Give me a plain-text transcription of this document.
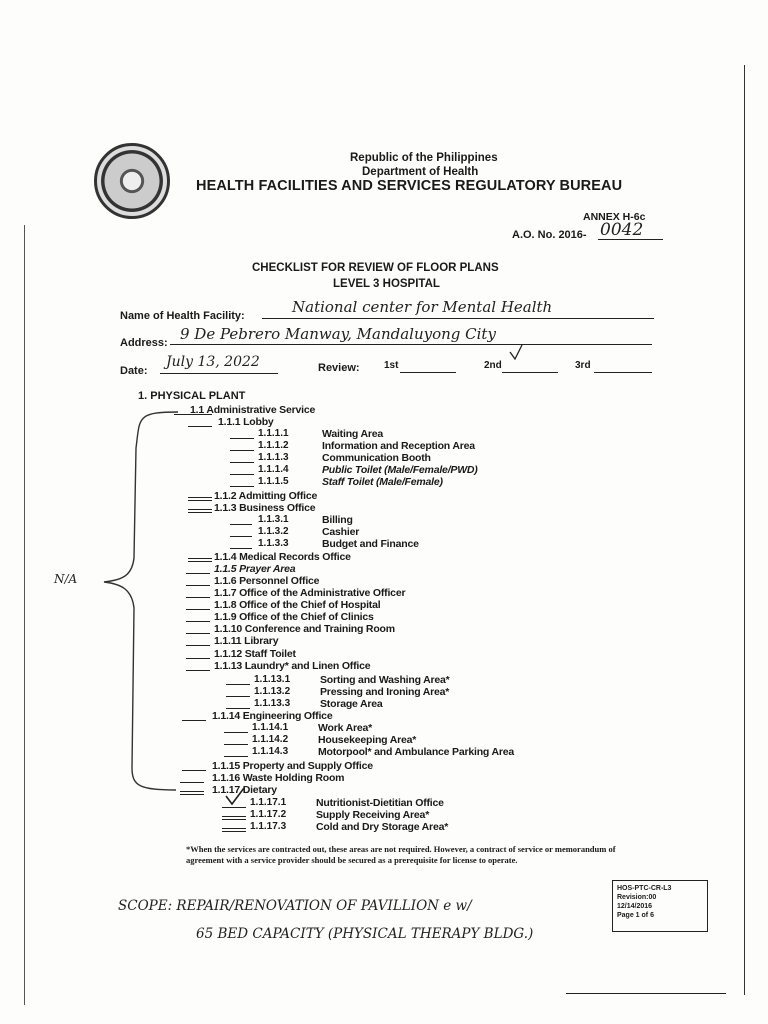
Republic of the Philippines
Department of Health
HEALTH FACILITIES AND SERVICES REGULATORY BUREAU
ANNEX H-6c
A.O. No. 2016- 0042
CHECKLIST FOR REVIEW OF FLOOR PLANS
LEVEL 3 HOSPITAL
Name of Health Facility:	National center for Mental Health
Address: 9 De Pebrero Manway, Mandaluyong City
Date:
July 13, 2022	Review: 1st	2nd	3rd
1. PHYSICAL PLANT
N/A
1.1 Administrative Service
1.1.1 Lobby
1.1.1.1	Waiting Area
1.1.1.2	Information and Reception Area
1.1.1.3	Communication Booth
1.1.1.4	Public Toilet (Male/Female/PWD)
1.1.1.5	Staff Toilet (Male/Female)
1.1.2 Admitting Office
1.1.3 Business Office
1.1.3.1	Billing
1.1.3.2	Cashier
1.1.3.3	Budget and Finance
1.1.4 Medical Records Office
1.1.5 Prayer Area
1.1.6 Personnel Office
1.1.7 Office of the Administrative Officer
1.1.8 Office of the Chief of Hospital
1.1.9 Office of the Chief of Clinics
1.1.10 Conference and Training Room
1.1.11 Library
1.1.12 Staff Toilet
1.1.13 Laundry* and Linen Office
1.1.13.1	Sorting and Washing Area*
1.1.13.2	Pressing and Ironing Area*
1.1.13.3	Storage Area
1.1.14 Engineering Office
1.1.14.1	Work Area*
1.1.14.2	Housekeeping Area*
1.1.14.3	Motorpool* and Ambulance Parking Area
1.1.15 Property and Supply Office
1.1.16 Waste Holding Room
1.1.17 Dietary
1.1.17.1	Nutritionist-Dietitian Office
1.1.17.2	Supply Receiving Area*
1.1.17.3	Cold and Dry Storage Area*
*When the services are contracted out, these areas are not required. However, a contract of service or memorandum of agreement with a service provider should be secured as a prerequisite for license to operate.
HOS-PTC-CR-L3
Revision:00
12/14/2016
Page 1 of 6
SCOPE: REPAIR/RENOVATION OF PAVILLION e w/
65 BED CAPACITY (PHYSICAL THERAPY BLDG.)
